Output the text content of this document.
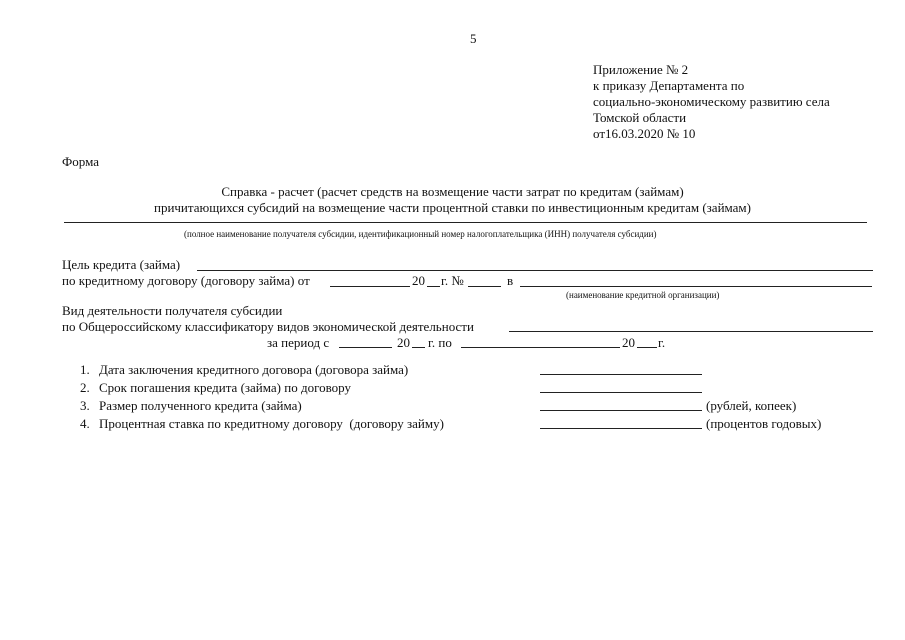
5
Приложение № 2
к приказу Департамента по
социально-экономическому развитию села
Томской области
от16.03.2020 № 10
Форма
Справка - расчет (расчет средств на возмещение части затрат по кредитам (займам)
причитающихся субсидий на возмещение части процентной ставки по инвестиционным кредитам (займам)
(полное наименование получателя субсидии, идентификационный номер налогоплательщика (ИНН) получателя субсидии)
Цель кредита (займа)
по кредитному договору (договору займа) от	20 г. №	в
(наименование кредитной организации)
Вид деятельности получателя субсидии
по Общероссийскому классификатору видов экономической деятельности
за период с	20 г. по	20 г.
1. Дата заключения кредитного договора (договора займа)
2. Срок погашения кредита (займа) по договору
3. Размер полученного кредита (займа)	(рублей, копеек)
4. Процентная ставка по кредитному договору  (договору займу)	(процентов годовых)
